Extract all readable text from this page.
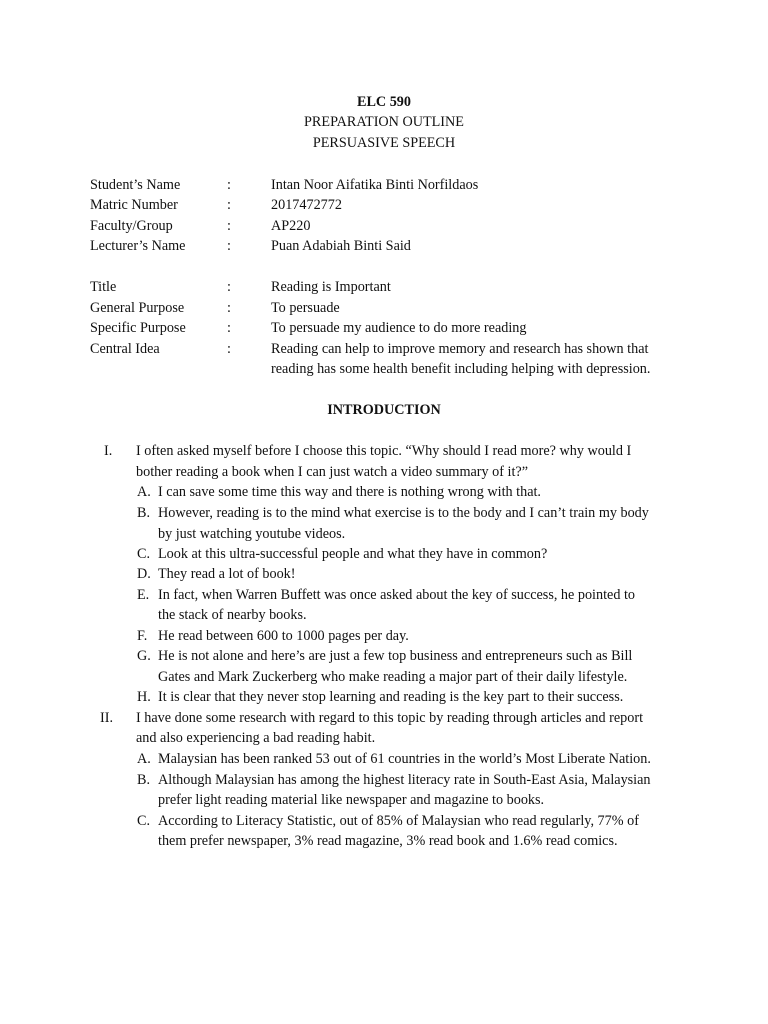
ELC 590
PREPARATION OUTLINE
PERSUASIVE SPEECH
Student’s Name	:	Intan Noor Aifatika Binti Norfildaos
Matric Number	:	2017472772
Faculty/Group	:	AP220
Lecturer’s Name	:	Puan Adabiah Binti Said
Title	:	Reading is Important
General Purpose	:	To persuade
Specific Purpose	:	To persuade my audience to do more reading
Central Idea	:	Reading can help to improve memory and research has shown that
reading has some health benefit including helping with depression.
INTRODUCTION
I. I often asked myself before I choose this topic. “Why should I read more? why would I
bother reading a book when I can just watch a video summary of it?”
A. I can save some time this way and there is nothing wrong with that.
B. However, reading is to the mind what exercise is to the body and I can’t train my body
by just watching youtube videos.
C. Look at this ultra-successful people and what they have in common?
D. They read a lot of book!
E. In fact, when Warren Buffett was once asked about the key of success, he pointed to
the stack of nearby books.
F. He read between 600 to 1000 pages per day.
G. He is not alone and here’s are just a few top business and entrepreneurs such as Bill
Gates and Mark Zuckerberg who make reading a major part of their daily lifestyle.
H. It is clear that they never stop learning and reading is the key part to their success.
II. I have done some research with regard to this topic by reading through articles and report
and also experiencing a bad reading habit.
A. Malaysian has been ranked 53 out of 61 countries in the world’s Most Liberate Nation.
B. Although Malaysian has among the highest literacy rate in South-East Asia, Malaysian
prefer light reading material like newspaper and magazine to books.
C. According to Literacy Statistic, out of 85% of Malaysian who read regularly, 77% of
them prefer newspaper, 3% read magazine, 3% read book and 1.6% read comics.
